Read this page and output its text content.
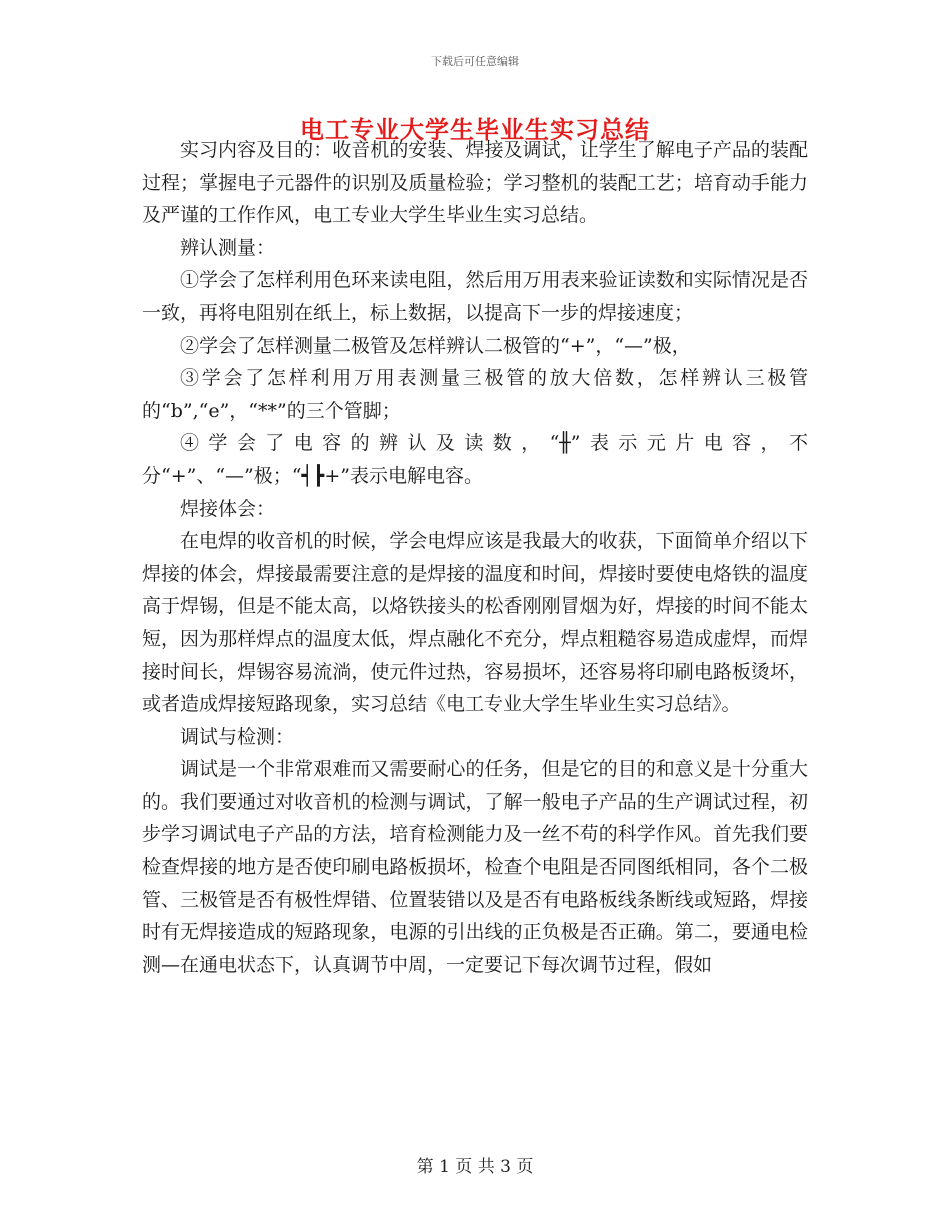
下载后可任意编辑
电工专业大学生毕业生实习总结

实习内容及目的：收音机的安装、焊接及调试，让学生了解电子产品的装配过程；掌握电子元器件的识别及质量检验；学习整机的装配工艺；培育动手能力及严谨的工作作风，电工专业大学生毕业生实习总结。

辨认测量：

①学会了怎样利用色环来读电阻，然后用万用表来验证读数和实际情况是否一致，再将电阻别在纸上，标上数据，以提高下一步的焊接速度；

②学会了怎样测量二极管及怎样辨认二极管的“+”，“—”极，

③学会了怎样利用万用表测量三极管的放大倍数，怎样辨认三极管的“b”,“e”，“**”的三个管脚；

④学会了电容的辨认及读数，“╫”表示元片电容，不分“+”、“—”极；“┥┣+”表示电解电容。

焊接体会：

在电焊的收音机的时候，学会电焊应该是我最大的收获，下面简单介绍以下焊接的体会，焊接最需要注意的是焊接的温度和时间，焊接时要使电烙铁的温度高于焊锡，但是不能太高，以烙铁接头的松香刚刚冒烟为好，焊接的时间不能太短，因为那样焊点的温度太低，焊点融化不充分，焊点粗糙容易造成虚焊，而焊接时间长，焊锡容易流淌，使元件过热，容易损坏，还容易将印刷电路板烫坏，或者造成焊接短路现象，实习总结《电工专业大学生毕业生实习总结》。

调试与检测：

调试是一个非常艰难而又需要耐心的任务，但是它的目的和意义是十分重大的。我们要通过对收音机的检测与调试，了解一般电子产品的生产调试过程，初步学习调试电子产品的方法，培育检测能力及一丝不苟的科学作风。首先我们要检查焊接的地方是否使印刷电路板损坏，检查个电阻是否同图纸相同，各个二极管、三极管是否有极性焊错、位置装错以及是否有电路板线条断线或短路，焊接时有无焊接造成的短路现象，电源的引出线的正负极是否正确。第二，要通电检测—在通电状态下，认真调节中周，一定要记下每次调节过程，假如

第 1 页 共 3 页
